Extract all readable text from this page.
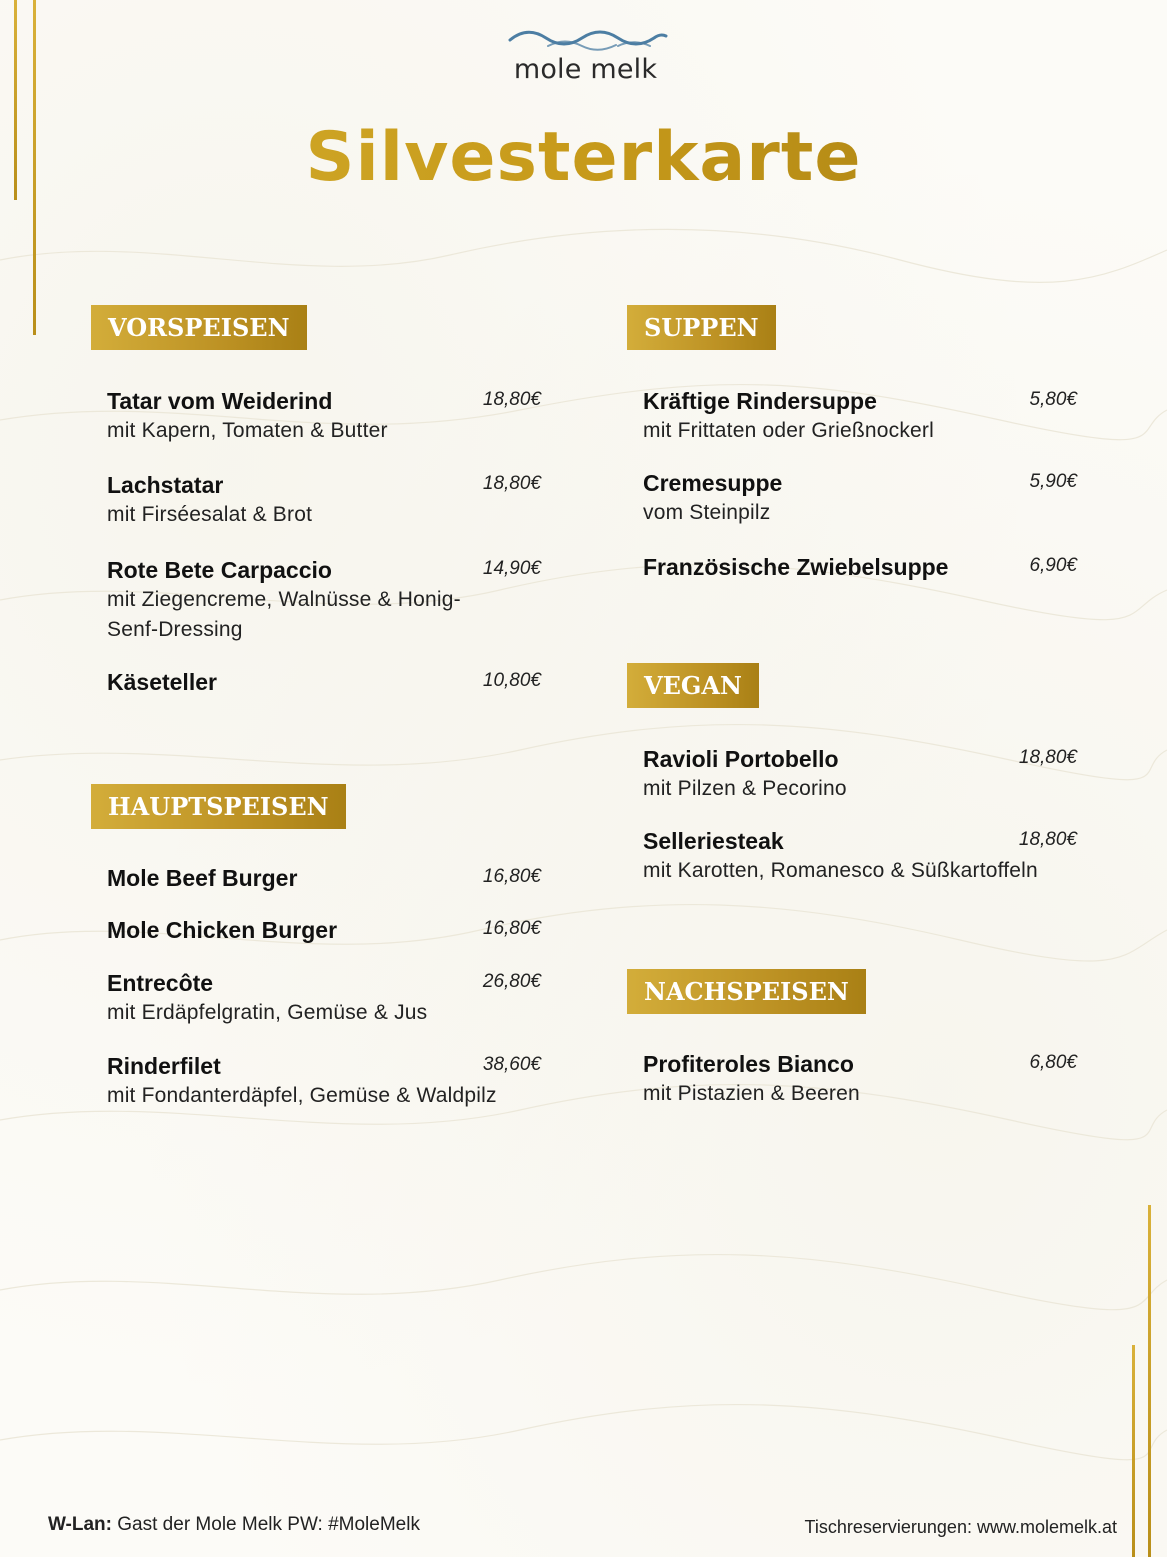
mole melk
Silvesterkarte
VORSPEISEN
Tatar vom Weiderind
mit Kapern, Tomaten & Butter
18,80€
Lachstatar
mit Firséesalat & Brot
18,80€
Rote Bete Carpaccio
mit Ziegencreme, Walnüsse & Honig-Senf-Dressing
14,90€
Käseteller	10,80€
HAUPTSPEISEN
Mole Beef Burger	16,80€
Mole Chicken Burger	16,80€
Entrecôte
mit Erdäpfelgratin, Gemüse & Jus
26,80€
Rinderfilet
mit Fondanterdäpfel, Gemüse & Waldpilz
38,60€
SUPPEN
Kräftige Rindersuppe
mit Frittaten oder Grießnockerl
5,80€
Cremesuppe
vom Steinpilz
5,90€
Französische Zwiebelsuppe	6,90€
VEGAN
Ravioli Portobello
mit Pilzen & Pecorino
18,80€
Selleriesteak
mit Karotten, Romanesco & Süßkartoffeln
18,80€
NACHSPEISEN
Profiteroles Bianco
mit Pistazien & Beeren
6,80€
W-Lan: Gast der Mole Melk PW: #MoleMelk	Tischreservierungen: www.molemelk.at
